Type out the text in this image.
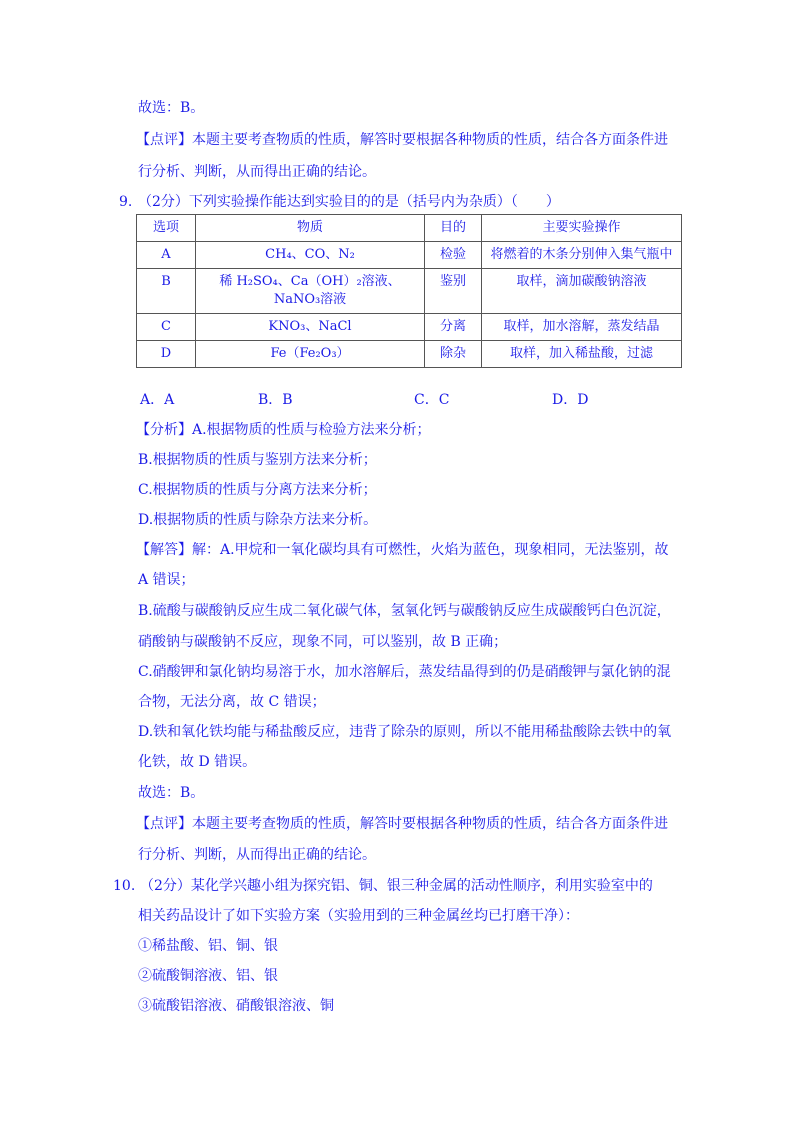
故选：B。
【点评】本题主要考查物质的性质，解答时要根据各种物质的性质，结合各方面条件进
行分析、判断，从而得出正确的结论。
9. （2分）下列实验操作能达到实验目的的是（括号内为杂质）（　　）
选项	物质	目的	主要实验操作
A	CH₄、CO、N₂	检验	将燃着的木条分别伸入集气瓶中
B	稀 H₂SO₄、Ca（OH）₂溶液、
NaNO₃溶液	鉴别	取样，滴加碳酸钠溶液
C	KNO₃、NaCl	分离	取样，加水溶解，蒸发结晶
D	Fe（Fe₂O₃）	除杂	取样，加入稀盐酸，过滤
A．A	B．B	C．C	D．D
【分析】A.根据物质的性质与检验方法来分析；
B.根据物质的性质与鉴别方法来分析；
C.根据物质的性质与分离方法来分析；
D.根据物质的性质与除杂方法来分析。
【解答】解：A.甲烷和一氧化碳均具有可燃性，火焰为蓝色，现象相同，无法鉴别，故
A 错误；
B.硫酸与碳酸钠反应生成二氧化碳气体，氢氧化钙与碳酸钠反应生成碳酸钙白色沉淀，
硝酸钠与碳酸钠不反应，现象不同，可以鉴别，故 B 正确；
C.硝酸钾和氯化钠均易溶于水，加水溶解后，蒸发结晶得到的仍是硝酸钾与氯化钠的混
合物，无法分离，故 C 错误；
D.铁和氧化铁均能与稀盐酸反应，违背了除杂的原则，所以不能用稀盐酸除去铁中的氧
化铁，故 D 错误。
故选：B。
【点评】本题主要考查物质的性质，解答时要根据各种物质的性质，结合各方面条件进
行分析、判断，从而得出正确的结论。
10. （2分）某化学兴趣小组为探究铝、铜、银三种金属的活动性顺序，利用实验室中的
相关药品设计了如下实验方案（实验用到的三种金属丝均已打磨干净）：
①稀盐酸、铝、铜、银
②硫酸铜溶液、铝、银
③硫酸铝溶液、硝酸银溶液、铜
